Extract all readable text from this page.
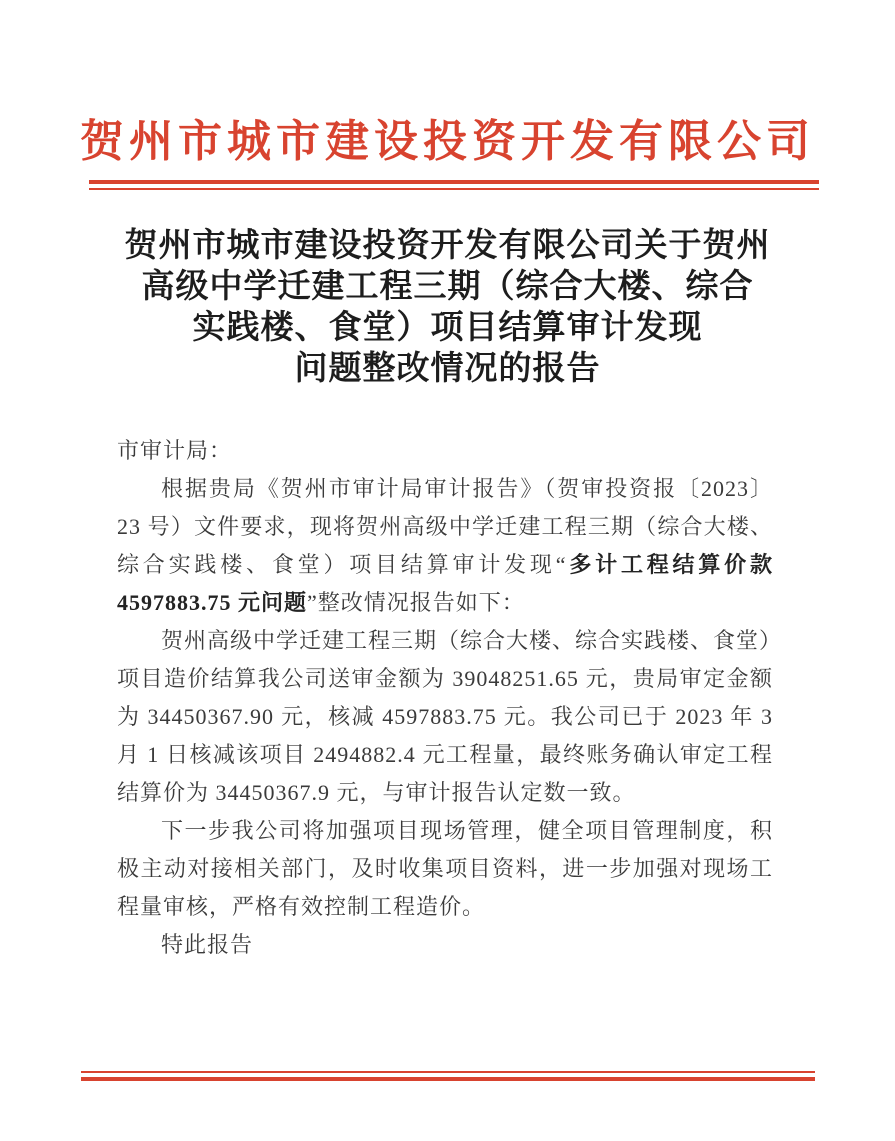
贺州市城市建设投资开发有限公司
贺州市城市建设投资开发有限公司关于贺州
高级中学迁建工程三期（综合大楼、综合
实践楼、食堂）项目结算审计发现
问题整改情况的报告
市审计局：
根据贵局《贺州市审计局审计报告》（贺审投资报〔2023〕
23 号）文件要求，现将贺州高级中学迁建工程三期（综合大楼、
综合实践楼、食堂）项目结算审计发现“多计工程结算价款
4597883.75 元问题”整改情况报告如下：
贺州高级中学迁建工程三期（综合大楼、综合实践楼、食堂）
项目造价结算我公司送审金额为 39048251.65 元，贵局审定金额
为 34450367.90 元，核减 4597883.75 元。我公司已于 2023 年 3
月 1 日核减该项目 2494882.4 元工程量，最终账务确认审定工程
结算价为 34450367.9 元，与审计报告认定数一致。
下一步我公司将加强项目现场管理，健全项目管理制度，积
极主动对接相关部门，及时收集项目资料，进一步加强对现场工
程量审核，严格有效控制工程造价。
特此报告
